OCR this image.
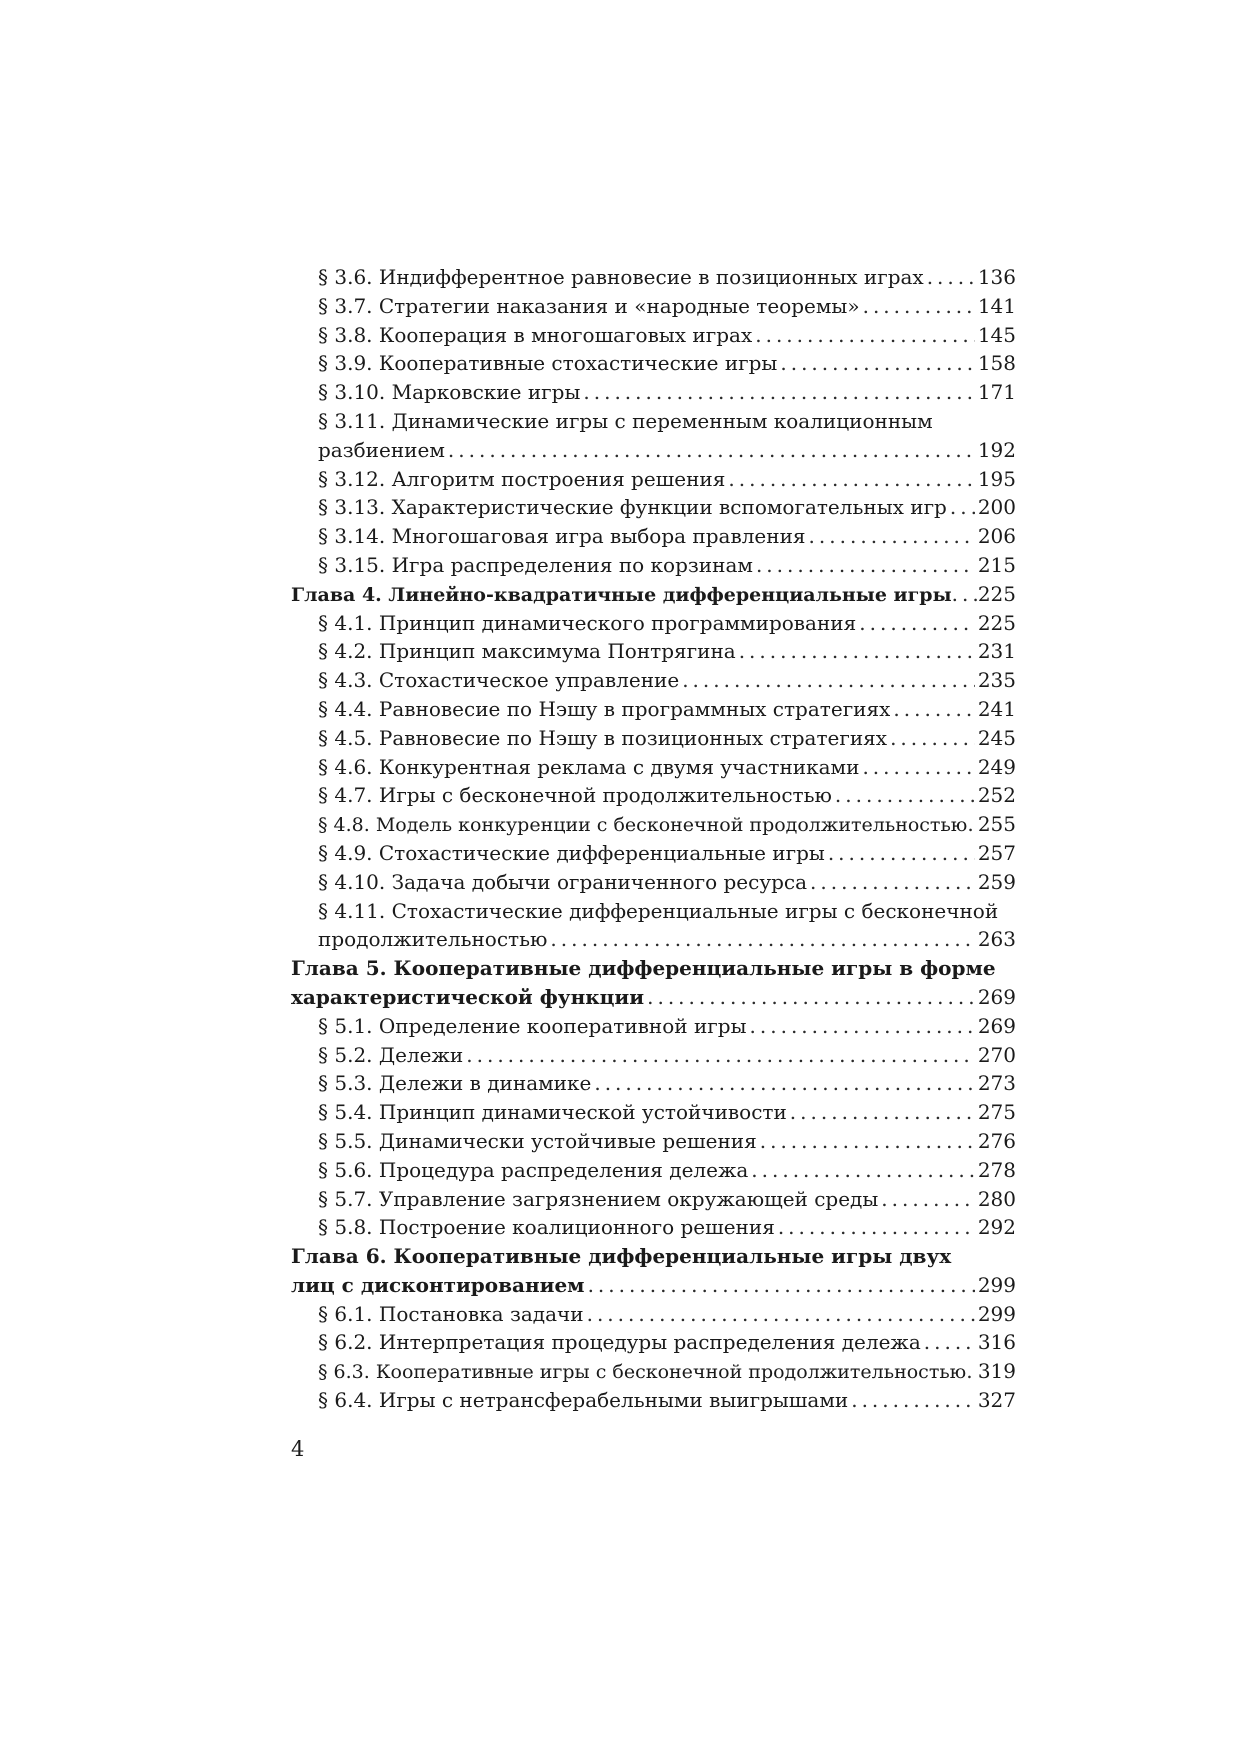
§ 3.6. Индифферентное равновесие в позиционных играх .....	136
§ 3.7. Стратегии наказания и «народные теоремы» .....	141
§ 3.8. Кооперация в многошаговых играх .....	145
§ 3.9. Кооперативные стохастические игры .....	158
§ 3.10. Марковские игры .....	171
§ 3.11. Динамические игры с переменным коалиционным
разбиением .....	192
§ 3.12. Алгоритм построения решения .....	195
§ 3.13. Характеристические функции вспомогательных игр ..... 200
§ 3.14. Многошаговая игра выбора правления .....	206
§ 3.15. Игра распределения по корзинам .....	215
Глава 4. Линейно-квадратичные дифференциальные игры ..... 225
§ 4.1. Принцип динамического программирования .....	225
§ 4.2. Принцип максимума Понтрягина .....	231
§ 4.3. Стохастическое управление .....	235
§ 4.4. Равновесие по Нэшу в программных стратегиях .....	241
§ 4.5. Равновесие по Нэшу в позиционных стратегиях .....	245
§ 4.6. Конкурентная реклама с двумя участниками .....	249
§ 4.7. Игры с бесконечной продолжительностью .....	252
§ 4.8. Модель конкуренции с бесконечной продолжительностью ..... 255
§ 4.9. Стохастические дифференциальные игры .....	257
§ 4.10. Задача добычи ограниченного ресурса .....	259
§ 4.11. Стохастические дифференциальные игры с бесконечной
продолжительностью .....	263
Глава 5. Кооперативные дифференциальные игры в форме
характеристической функции .....	269
§ 5.1. Определение кооперативной игры .....	269
§ 5.2. Дележи .....	270
§ 5.3. Дележи в динамике .....	273
§ 5.4. Принцип динамической устойчивости .....	275
§ 5.5. Динамически устойчивые решения .....	276
§ 5.6. Процедура распределения дележа .....	278
§ 5.7. Управление загрязнением окружающей среды .....	280
§ 5.8. Построение коалиционного решения .....	292
Глава 6. Кооперативные дифференциальные игры двух
лиц с дисконтированием .....	299
§ 6.1. Постановка задачи .....	299
§ 6.2. Интерпретация процедуры распределения дележа .....	316
§ 6.3. Кооперативные игры с бесконечной продолжительностью ..... 319
§ 6.4. Игры с нетрансферабельными выигрышами .....	327
4
